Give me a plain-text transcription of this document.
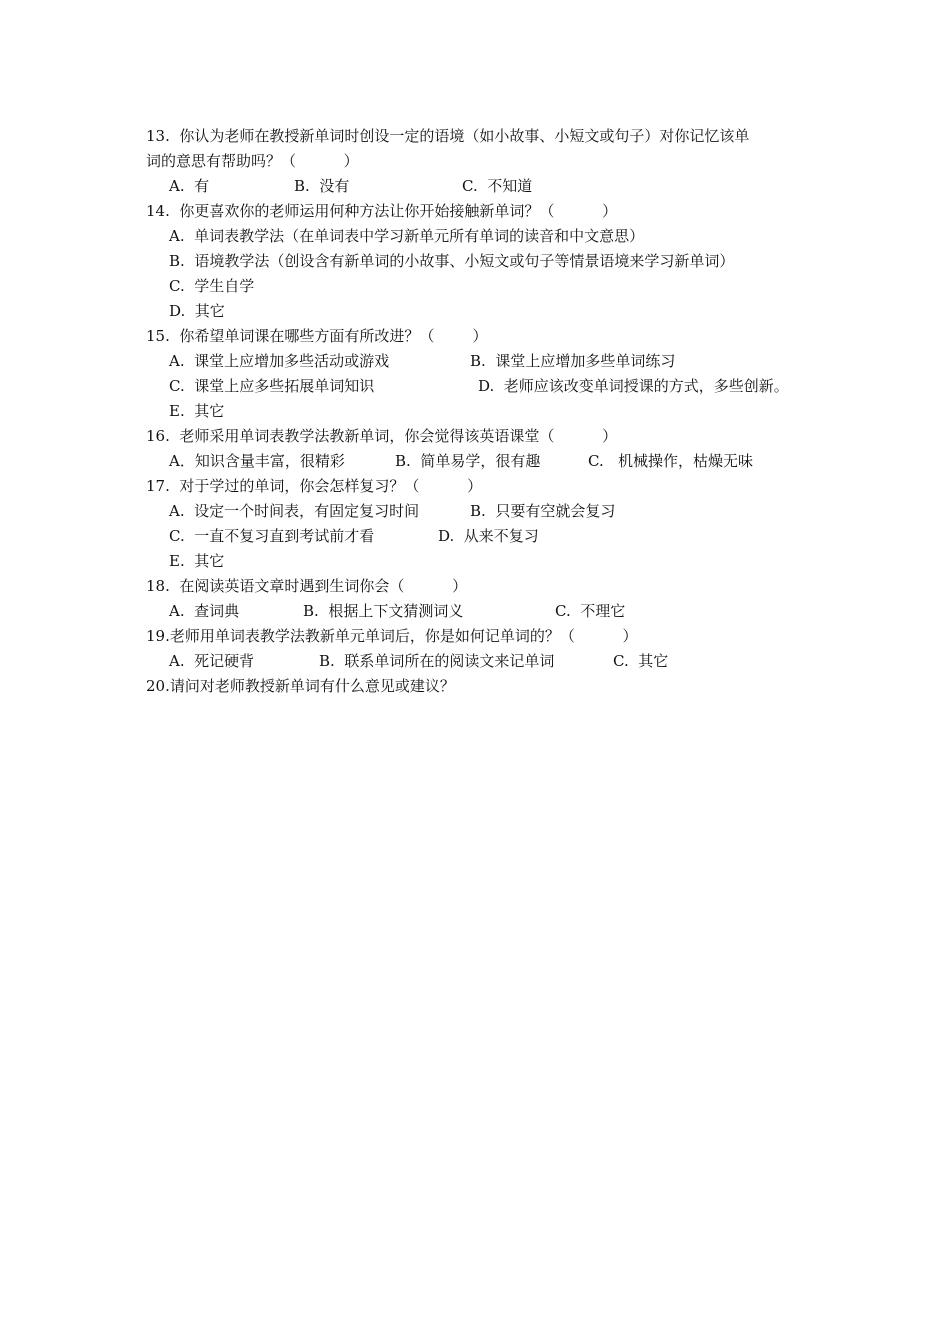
13. 你认为老师在教授新单词时创设一定的语境（如小故事、小短文或句子）对你记忆该单
词的意思有帮助吗？（          ）
A.  有	B.  没有	C.  不知道
14. 你更喜欢你的老师运用何种方法让你开始接触新单词？（          ）
A.  单词表教学法（在单词表中学习新单元所有单词的读音和中文意思）
B.  语境教学法（创设含有新单词的小故事、小短文或句子等情景语境来学习新单词）
C.  学生自学
D.  其它
15. 你希望单词课在哪些方面有所改进？（        ）
A.  课堂上应增加多些活动或游戏	B.  课堂上应增加多些单词练习
C.  课堂上应多些拓展单词知识	D.  老师应该改变单词授课的方式，多些创新。
E.  其它
16. 老师采用单词表教学法教新单词，你会觉得该英语课堂（          ）
A．知识含量丰富，很精彩	B.  简单易学，很有趣	C.   机械操作，枯燥无味
17. 对于学过的单词，你会怎样复习？（          ）
A.  设定一个时间表，有固定复习时间	B.  只要有空就会复习
C.  一直不复习直到考试前才看	D.  从来不复习
E.  其它
18. 在阅读英语文章时遇到生词你会（          ）
A.  查词典	B.  根据上下文猜测词义	C.  不理它
19.老师用单词表教学法教新单元单词后，你是如何记单词的？（          ）
A.  死记硬背	B.  联系单词所在的阅读文来记单词	C.  其它
20.请问对老师教授新单词有什么意见或建议？
